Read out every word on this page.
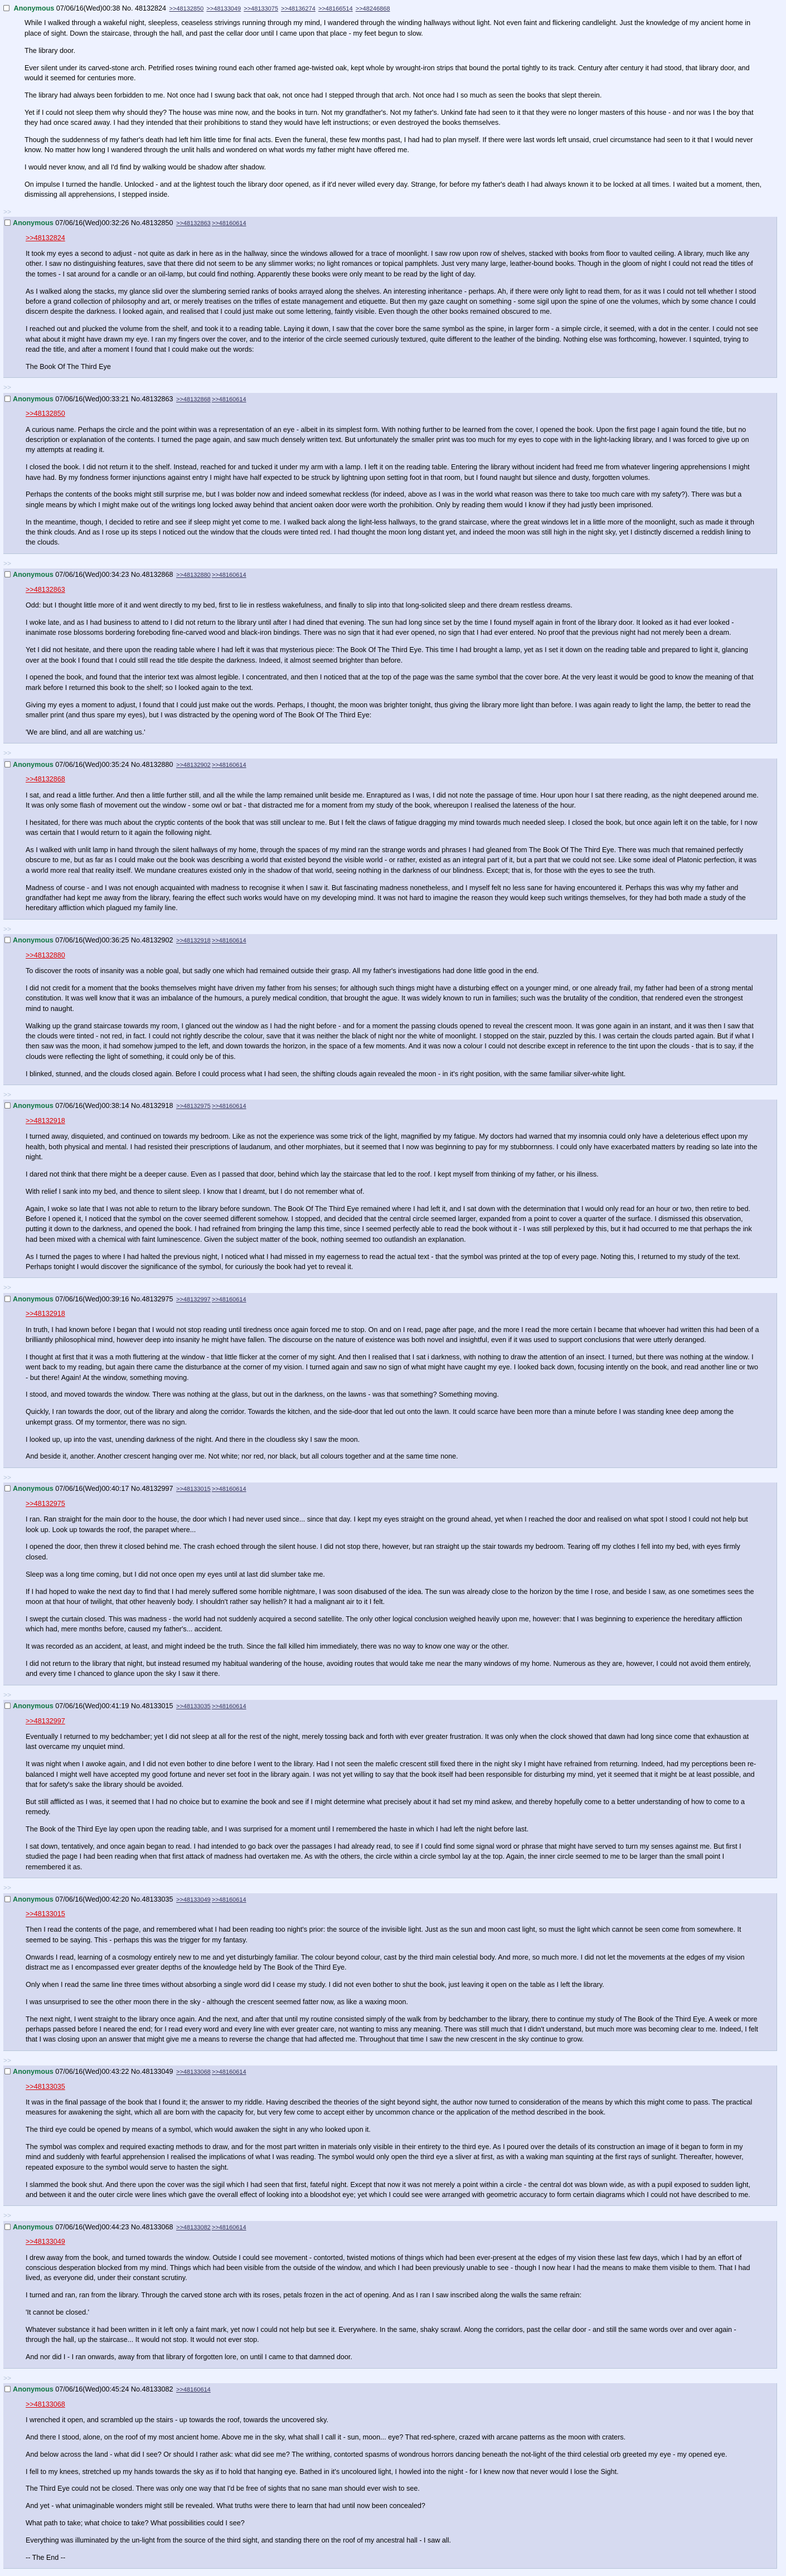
Anonymous 07/06/16(Wed)00:38 No. 48132824 >>48132850 >>48133049 >>48133075 >>48136274 >>48166514 >>48246868

While I walked through a wakeful night, sleepless, ceaseless strivings running through my mind, I wandered through the winding hallways without light. Not even faint and flickering candlelight. Just the knowledge of my ancient home in place of sight. Down the staircase, through the hall, and past the cellar door until I came upon that place - my feet begun to slow.

The library door.

Ever silent under its carved-stone arch. Petrified roses twining round each other framed age-twisted oak, kept whole by wrought-iron strips that bound the portal tightly to its track. Century after century it had stood, that library door, and would it seemed for centuries more.

The library had always been forbidden to me. Not once had I swung back that oak, not once had I stepped through that arch. Not once had I so much as seen the books that slept therein.

Yet if I could not sleep them why should they? The house was mine now, and the books in turn. Not my grandfather's. Not my father's. Unkind fate had seen to it that they were no longer masters of this house - and nor was I the boy that they had once scared away. I had they intended that their prohibitions to stand they would have left instructions; or even destroyed the books themselves.

Though the suddenness of my father's death had left him little time for final acts. Even the funeral, these few months past, I had had to plan myself. If there were last words left unsaid, cruel circumstance had seen to it that I would never know. No matter how long I wandered through the unlit halls and wondered on what words my father might have offered me.

I would never know, and all I'd find by walking would be shadow after shadow.

On impulse I turned the handle. Unlocked - and at the lightest touch the library door opened, as if it'd never willed every day. Strange, for before my father's death I had always known it to be locked at all times. I waited but a moment, then, dismissing all apprehensions, I stepped inside.

>>
Anonymous 07/06/16(Wed)00:32:26 No.48132850 >>48132863 >>48160614
>>48132824

It took my eyes a second to adjust - not quite as dark in here as in the hallway, since the windows allowed for a trace of moonlight. I saw row upon row of shelves, stacked with books from floor to vaulted ceiling. A library, much like any other. I saw no distinguishing features, save that there did not seem to be any slimmer works; no light romances or topical pamphlets. Just very many large, leather-bound books. Though in the gloom of night I could not read the titles of the tomes - I sat around for a candle or an oil-lamp, but could find nothing. Apparently these books were only meant to be read by the light of day.

As I walked along the stacks, my glance slid over the slumbering serried ranks of books arrayed along the shelves. An interesting inheritance - perhaps. Ah, if there were only light to read them, for as it was I could not tell whether I stood before a grand collection of philosophy and art, or merely treatises on the trifles of estate management and etiquette. But then my gaze caught on something - some sigil upon the spine of one the volumes, which by some chance I could discern despite the darkness. I looked again, and realised that I could just make out some lettering, faintly visible. Even though the other books remained obscured to me.

I reached out and plucked the volume from the shelf, and took it to a reading table. Laying it down, I saw that the cover bore the same symbol as the spine, in larger form - a simple circle, it seemed, with a dot in the center. I could not see what about it might have drawn my eye. I ran my fingers over the cover, and to the interior of the circle seemed curiously textured, quite different to the leather of the binding. Nothing else was forthcoming, however. I squinted, trying to read the title, and after a moment I found that I could make out the words:

The Book Of The Third Eye

>>
Anonymous 07/06/16(Wed)00:33:21 No.48132863 >>48132868 >>48160614
>>48132850

A curious name. Perhaps the circle and the point within was a representation of an eye - albeit in its simplest form. With nothing further to be learned from the cover, I opened the book. Upon the first page I again found the title, but no description or explanation of the contents. I turned the page again, and saw much densely written text. But unfortunately the smaller print was too much for my eyes to cope with in the light-lacking library, and I was forced to give up on my attempts at reading it.

I closed the book. I did not return it to the shelf. Instead, reached for and tucked it under my arm with a lamp. I left it on the reading table. Entering the library without incident had freed me from whatever lingering apprehensions I might have had. By my fondness former injunctions against entry I might have half expected to be struck by lightning upon setting foot in that room, but I found naught but silence and dusty, forgotten volumes.

Perhaps the contents of the books might still surprise me, but I was bolder now and indeed somewhat reckless (for indeed, above as I was in the world what reason was there to take too much care with my safety?). There was but a single means by which I might make out of the writings long locked away behind that ancient oaken door were worth the prohibition. Only by reading them would I know if they had justly been imprisoned.

In the meantime, though, I decided to retire and see if sleep might yet come to me. I walked back along the light-less hallways, to the grand staircase, where the great windows let in a little more of the moonlight, such as made it through the think clouds. And as I rose up its steps I noticed out the window that the clouds were tinted red. I had thought the moon long distant yet, and indeed the moon was still high in the night sky, yet I distinctly discerned a reddish lining to the clouds.

>>
Anonymous 07/06/16(Wed)00:34:23 No.48132868 >>48132880 >>48160614
>>48132863

Odd: but I thought little more of it and went directly to my bed, first to lie in restless wakefulness, and finally to slip into that long-solicited sleep and there dream restless dreams.

I woke late, and as I had business to attend to I did not return to the library until after I had dined that evening. The sun had long since set by the time I found myself again in front of the library door. It looked as it had ever looked - inanimate rose blossoms bordering foreboding fine-carved wood and black-iron bindings. There was no sign that it had ever opened, no sign that I had ever entered. No proof that the previous night had not merely been a dream.

Yet I did not hesitate, and there upon the reading table where I had left it was that mysterious piece: The Book Of The Third Eye. This time I had brought a lamp, yet as I set it down on the reading table and prepared to light it, glancing over at the book I found that I could still read the title despite the darkness. Indeed, it almost seemed brighter than before.

I opened the book, and found that the interior text was almost legible. I concentrated, and then I noticed that at the top of the page was the same symbol that the cover bore. At the very least it would be good to know the meaning of that mark before I returned this book to the shelf; so I looked again to the text.

Giving my eyes a moment to adjust, I found that I could just make out the words. Perhaps, I thought, the moon was brighter tonight, thus giving the library more light than before. I was again ready to light the lamp, the better to read the smaller print (and thus spare my eyes), but I was distracted by the opening word of The Book Of The Third Eye:

'We are blind, and all are watching us.'

>>
Anonymous 07/06/16(Wed)00:35:24 No.48132880 >>48132902 >>48160614
>>48132868

I sat, and read a little further. And then a little further still, and all the while the lamp remained unlit beside me. Enraptured as I was, I did not note the passage of time. Hour upon hour I sat there reading, as the night deepened around me. It was only some flash of movement out the window - some owl or bat - that distracted me for a moment from my study of the book, whereupon I realised the lateness of the hour.

I hesitated, for there was much about the cryptic contents of the book that was still unclear to me. But I felt the claws of fatigue dragging my mind towards much needed sleep. I closed the book, but once again left it on the table, for I now was certain that I would return to it again the following night.

As I walked with unlit lamp in hand through the silent hallways of my home, through the spaces of my mind ran the strange words and phrases I had gleaned from The Book Of The Third Eye. There was much that remained perfectly obscure to me, but as far as I could make out the book was describing a world that existed beyond the visible world - or rather, existed as an integral part of it, but a part that we could not see. Like some ideal of Platonic perfection, it was a world more real that reality itself. We mundane creatures existed only in the shadow of that world, seeing nothing in the darkness of our blindness. Except; that is, for those with the eyes to see the truth.

Madness of course - and I was not enough acquainted with madness to recognise it when I saw it. But fascinating madness nonetheless, and I myself felt no less sane for having encountered it. Perhaps this was why my father and grandfather had kept me away from the library, fearing the effect such works would have on my developing mind. It was not hard to imagine the reason they would keep such writings themselves, for they had both made a study of the hereditary affliction which plagued my family line.

>>
Anonymous 07/06/16(Wed)00:36:25 No.48132902 >>48132918 >>48160614
>>48132880

To discover the roots of insanity was a noble goal, but sadly one which had remained outside their grasp. All my father's investigations had done little good in the end.

I did not credit for a moment that the books themselves might have driven my father from his senses; for although such things might have a disturbing effect on a younger mind, or one already frail, my father had been of a strong mental constitution. It was well know that it was an imbalance of the humours, a purely medical condition, that brought the ague. It was widely known to run in families; such was the brutality of the condition, that rendered even the strongest mind to naught.

Walking up the grand staircase towards my room, I glanced out the window as I had the night before - and for a moment the passing clouds opened to reveal the crescent moon. It was gone again in an instant, and it was then I saw that the clouds were tinted - not red, in fact. I could not rightly describe the colour, save that it was neither the black of night nor the white of moonlight. I stopped on the stair, puzzled by this. I was certain the clouds parted again. But if what I then saw was the moon, it had somehow jumped to the left, and down towards the horizon, in the space of a few moments. And it was now a colour I could not describe except in reference to the tint upon the clouds - that is to say, if the clouds were reflecting the light of something, it could only be of this.

I blinked, stunned, and the clouds closed again. Before I could process what I had seen, the shifting clouds again revealed the moon - in it's right position, with the same familiar silver-white light.

>>
Anonymous 07/06/16(Wed)00:38:14 No.48132918 >>48132975 >>48160614
>>48132918

I turned away, disquieted, and continued on towards my bedroom. Like as not the experience was some trick of the light, magnified by my fatigue. My doctors had warned that my insomnia could only have a deleterious effect upon my health, both physical and mental. I had resisted their prescriptions of laudanum, and other morphiates, but it seemed that I now was beginning to pay for my stubbornness. I could only have exacerbated matters by reading so late into the night.

I dared not think that there might be a deeper cause. Even as I passed that door, behind which lay the staircase that led to the roof. I kept myself from thinking of my father, or his illness.

With relief I sank into my bed, and thence to silent sleep. I know that I dreamt, but I do not remember what of.

Again, I woke so late that I was not able to return to the library before sundown. The Book Of The Third Eye remained where I had left it, and I sat down with the determination that I would only read for an hour or two, then retire to bed. Before I opened it, I noticed that the symbol on the cover seemed different somehow. I stopped, and decided that the central circle seemed larger, expanded from a point to cover a quarter of the surface. I dismissed this observation, putting it down to the darkness, and opened the book. I had refrained from bringing the lamp this time, since I seemed perfectly able to read the book without it - I was still perplexed by this, but it had occurred to me that perhaps the ink had been mixed with a chemical with faint luminescence. Given the subject matter of the book, nothing seemed too outlandish an explanation.

As I turned the pages to where I had halted the previous night, I noticed what I had missed in my eagerness to read the actual text - that the symbol was printed at the top of every page. Noting this, I returned to my study of the text. Perhaps tonight I would discover the significance of the symbol, for curiously the book had yet to reveal it.

>>
Anonymous 07/06/16(Wed)00:39:16 No.48132975 >>48132997 >>48160614
>>48132918

In truth, I had known before I began that I would not stop reading until tiredness once again forced me to stop. On and on I read, page after page, and the more I read the more certain I became that whoever had written this had been of a brilliantly philosophical mind, however deep into insanity he might have fallen. The discourse on the nature of existence was both novel and insightful, even if it was used to support conclusions that were utterly deranged.

I thought at first that it was a moth fluttering at the window - that little flicker at the corner of my sight. And then I realised that I sat i darkness, with nothing to draw the attention of an insect. I turned, but there was nothing at the window. I went back to my reading, but again there came the disturbance at the corner of my vision. I turned again and saw no sign of what might have caught my eye. I looked back down, focusing intently on the book, and read another line or two - but there! Again! At the window, something moving.

I stood, and moved towards the window. There was nothing at the glass, but out in the darkness, on the lawns - was that something? Something moving.

Quickly, I ran towards the door, out of the library and along the corridor. Towards the kitchen, and the side-door that led out onto the lawn. It could scarce have been more than a minute before I was standing knee deep among the unkempt grass. Of my tormentor, there was no sign.

I looked up, up into the vast, unending darkness of the night. And there in the cloudless sky I saw the moon.

And beside it, another. Another crescent hanging over me. Not white; nor red, nor black, but all colours together and at the same time none.

>>
Anonymous 07/06/16(Wed)00:40:17 No.48132997 >>48133015 >>48160614
>>48132975

I ran. Ran straight for the main door to the house, the door which I had never used since... since that day. I kept my eyes straight on the ground ahead, yet when I reached the door and realised on what spot I stood I could not help but look up. Look up towards the roof, the parapet where...

I opened the door, then threw it closed behind me. The crash echoed through the silent house. I did not stop there, however, but ran straight up the stair towards my bedroom. Tearing off my clothes I fell into my bed, with eyes firmly closed.

Sleep was a long time coming, but I did not once open my eyes until at last did slumber take me.

If I had hoped to wake the next day to find that I had merely suffered some horrible nightmare, I was soon disabused of the idea. The sun was already close to the horizon by the time I rose, and beside I saw, as one sometimes sees the moon at that hour of twilight, that other heavenly body. I shouldn't rather say hellish? It had a malignant air to it I felt.

I swept the curtain closed. This was madness - the world had not suddenly acquired a second satellite. The only other logical conclusion weighed heavily upon me, however: that I was beginning to experience the hereditary affliction which had, mere months before, caused my father's... accident.

It was recorded as an accident, at least, and might indeed be the truth. Since the fall killed him immediately, there was no way to know one way or the other.

I did not return to the library that night, but instead resumed my habitual wandering of the house, avoiding routes that would take me near the many windows of my home. Numerous as they are, however, I could not avoid them entirely, and every time I chanced to glance upon the sky I saw it there.

>>
Anonymous 07/06/16(Wed)00:41:19 No.48133015 >>48133035 >>48160614
>>48132997

Eventually I returned to my bedchamber; yet I did not sleep at all for the rest of the night, merely tossing back and forth with ever greater frustration. It was only when the clock showed that dawn had long since come that exhaustion at last overcame my unquiet mind.

It was night when I awoke again, and I did not even bother to dine before I went to the library. Had I not seen the malefic crescent still fixed there in the night sky I might have refrained from returning. Indeed, had my perceptions been re-balanced I might well have accepted my good fortune and never set foot in the library again. I was not yet willing to say that the book itself had been responsible for disturbing my mind, yet it seemed that it might be at least possible, and that for safety's sake the library should be avoided.

But still afflicted as I was, it seemed that I had no choice but to examine the book and see if I might determine what precisely about it had set my mind askew, and thereby hopefully come to a better understanding of how to come to a remedy.

The Book of the Third Eye lay open upon the reading table, and I was surprised for a moment until I remembered the haste in which I had left the night before last.

I sat down, tentatively, and once again began to read. I had intended to go back over the passages I had already read, to see if I could find some signal word or phrase that might have served to turn my senses against me. But first I studied the page I had been reading when that first attack of madness had overtaken me. As with the others, the circle within a circle symbol lay at the top. Again, the inner circle seemed to me to be larger than the small point I remembered it as.

>>
Anonymous 07/06/16(Wed)00:42:20 No.48133035 >>48133049 >>48160614
>>48133015

Then I read the contents of the page, and remembered what I had been reading too night's prior: the source of the invisible light. Just as the sun and moon cast light, so must the light which cannot be seen come from somewhere. It seemed to be saying. This - perhaps this was the trigger for my fantasy.

Onwards I read, learning of a cosmology entirely new to me and yet disturbingly familiar. The colour beyond colour, cast by the third main celestial body. And more, so much more. I did not let the movements at the edges of my vision distract me as I encompassed ever greater depths of the knowledge held by The Book of the Third Eye.

Only when I read the same line three times without absorbing a single word did I cease my study. I did not even bother to shut the book, just leaving it open on the table as I left the library.

I was unsurprised to see the other moon there in the sky - although the crescent seemed fatter now, as like a waxing moon.

The next night, I went straight to the library once again. And the next, and after that until my routine consisted simply of the walk from by bedchamber to the library, there to continue my study of The Book of the Third Eye. A week or more perhaps passed before I neared the end; for I read every word and every line with ever greater care, not wanting to miss any meaning. There was still much that I didn't understand, but much more was becoming clear to me. Indeed, I felt that I was closing upon an answer that might give me a means to reverse the change that had affected me. Throughout that time I saw the new crescent in the sky continue to grow.

>>
Anonymous 07/06/16(Wed)00:43:22 No.48133049 >>48133068 >>48160614
>>48133035

It was in the final passage of the book that I found it; the answer to my riddle. Having described the theories of the sight beyond sight, the author now turned to consideration of the means by which this might come to pass. The practical measures for awakening the sight, which all are born with the capacity for, but very few come to accept either by uncommon chance or the application of the method described in the book.

The third eye could be opened by means of a symbol, which would awaken the sight in any who looked upon it.

The symbol was complex and required exacting methods to draw, and for the most part written in materials only visible in their entirety to the third eye. As I poured over the details of its construction an image of it began to form in my mind and suddenly with fearful apprehension I realised the implications of what I was reading. The symbol would only open the third eye a sliver at first, as with a waking man squinting at the first rays of sunlight. Thereafter, however, repeated exposure to the symbol would serve to hasten the sight.

I slammed the book shut. And there upon the cover was the sigil which I had seen that first, fateful night. Except that now it was not merely a point within a circle - the central dot was blown wide, as with a pupil exposed to sudden light, and between it and the outer circle were lines which gave the overall effect of looking into a bloodshot eye; yet which I could see were arranged with geometric accuracy to form certain diagrams which I could not have described to me.

>>
Anonymous 07/06/16(Wed)00:44:23 No.48133068 >>48133082 >>48160614
>>48133049

I drew away from the book, and turned towards the window. Outside I could see movement - contorted, twisted motions of things which had been ever-present at the edges of my vision these last few days, which I had by an effort of conscious desperation blocked from my mind. Things which had been visible from the outside of the window, and which I had been previously unable to see - though I now hear I had the means to make them visible to them. That I had lived, as everyone did, under their constant scrutiny.

I turned and ran, ran from the library. Through the carved stone arch with its roses, petals frozen in the act of opening. And as I ran I saw inscribed along the walls the same refrain:

'It cannot be closed.'

Whatever substance it had been written in it left only a faint mark, yet now I could not help but see it. Everywhere. In the same, shaky scrawl. Along the corridors, past the cellar door - and still the same words over and over again - through the hall, up the staircase... It would not stop. It would not ever stop.

And nor did I - I ran onwards, away from that library of forgotten lore, on until I came to that damned door.

>>
Anonymous 07/06/16(Wed)00:45:24 No.48133082 >>48160614
>>48133068

I wrenched it open, and scrambled up the stairs - up towards the roof, towards the uncovered sky.

And there I stood, alone, on the roof of my most ancient home. Above me in the sky, what shall I call it - sun, moon... eye? That red-sphere, crazed with arcane patterns as the moon with craters.

And below across the land - what did I see? Or should I rather ask: what did see me? The writhing, contorted spasms of wondrous horrors dancing beneath the not-light of the third celestial orb greeted my eye - my opened eye.

I fell to my knees, stretched up my hands towards the sky as if to hold that hanging eye. Bathed in it's uncoloured light, I howled into the night - for I knew now that never would I lose the Sight.

The Third Eye could not be closed. There was only one way that I'd be free of sights that no sane man should ever wish to see.

And yet - what unimaginable wonders might still be revealed. What truths were there to learn that had until now been concealed?

What path to take; what choice to take? What possibilities could I see?

Everything was illuminated by the un-light from the source of the third sight, and standing there on the roof of my ancestral hall - I saw all.

-- The End --
